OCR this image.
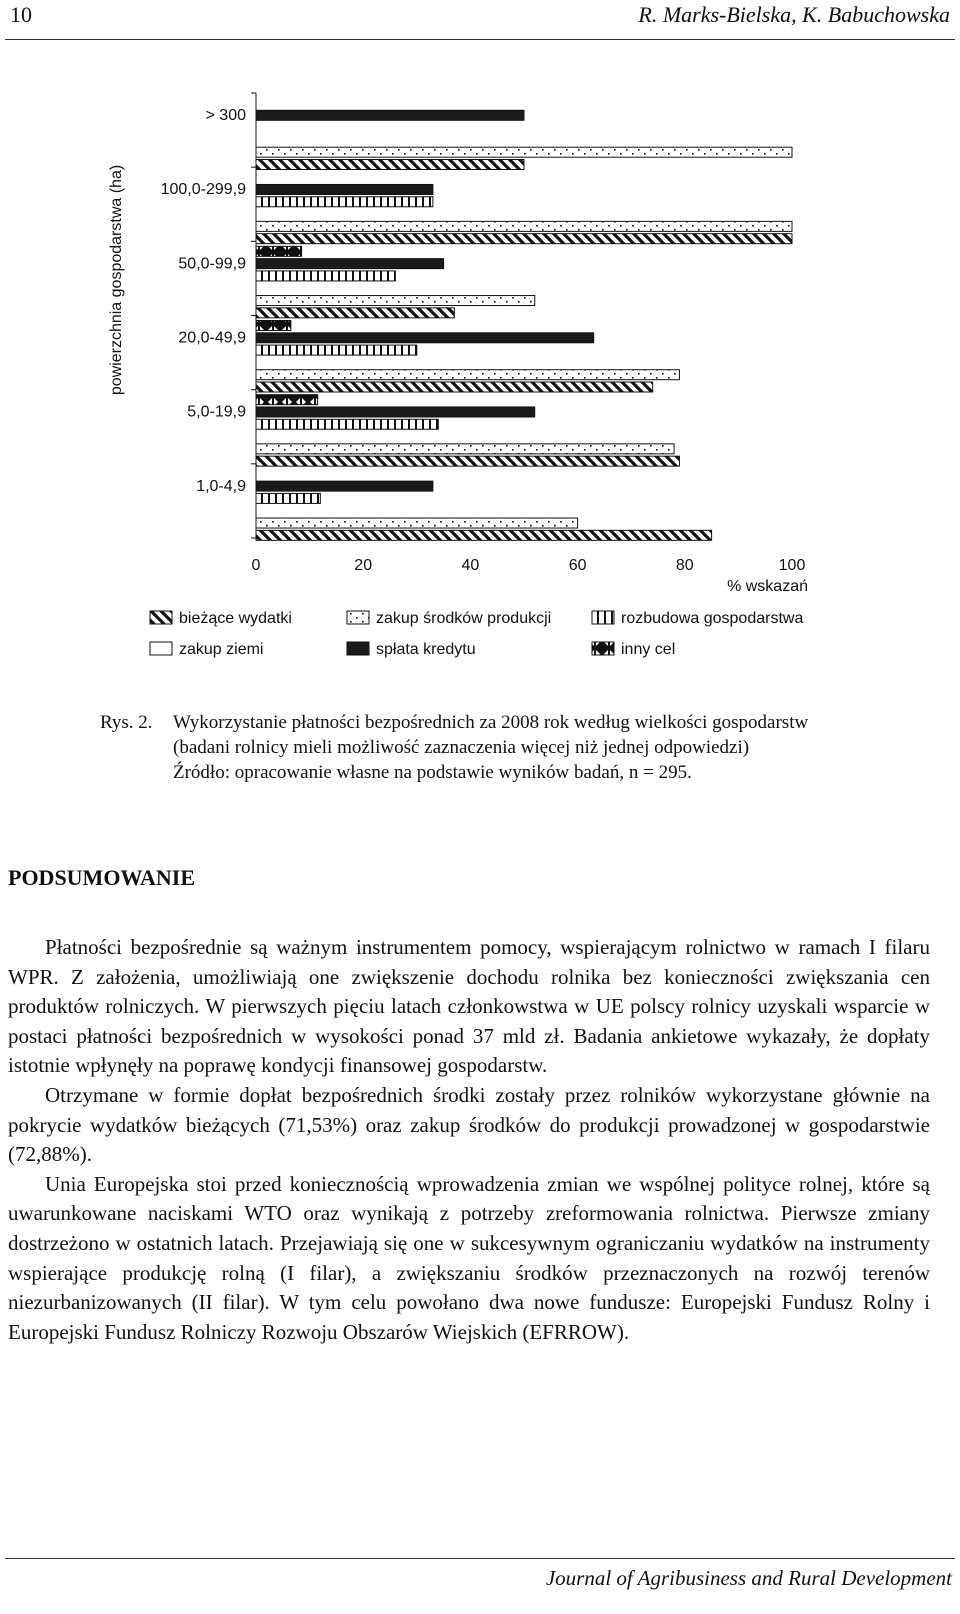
10	R. Marks-Bielska, K. Babuchowska
powierzchnia gospodarstwa (ha)
> 300
100,0-299,9
50,0-99,9
20,0-49,9
5,0-19,9
1,0-4,9
0	20	40	60	80	100
% wskazań
bieżące wydatki	zakup środków produkcji	rozbudowa gospodarstwa
zakup ziemi	spłata kredytu	inny cel
Rys. 2.	Wykorzystanie płatności bezpośrednich za 2008 rok według wielkości gospodarstw (badani rolnicy mieli możliwość zaznaczenia więcej niż jednej odpowiedzi)
Źródło: opracowanie własne na podstawie wyników badań, n = 295.
PODSUMOWANIE

Płatności bezpośrednie są ważnym instrumentem pomocy, wspierającym rolnictwo w ramach I filaru WPR. Z założenia, umożliwiają one zwiększenie dochodu rolnika bez konieczności zwiększania cen produktów rolniczych. W pierwszych pięciu latach członkowstwa w UE polscy rolnicy uzyskali wsparcie w postaci płatności bezpośrednich w wysokości ponad 37 mld zł. Badania ankietowe wykazały, że dopłaty istotnie wpłynęły na poprawę kondycji finansowej gospodarstw.

Otrzymane w formie dopłat bezpośrednich środki zostały przez rolników wykorzystane głównie na pokrycie wydatków bieżących (71,53%) oraz zakup środków do produkcji prowadzonej w gospodarstwie (72,88%).

Unia Europejska stoi przed koniecznością wprowadzenia zmian we wspólnej polityce rolnej, które są uwarunkowane naciskami WTO oraz wynikają z potrzeby zreformowania rolnictwa. Pierwsze zmiany dostrzeżono w ostatnich latach. Przejawiają się one w sukcesywnym ograniczaniu wydatków na instrumenty wspierające produkcję rolną (I filar), a zwiększaniu środków przeznaczonych na rozwój terenów niezurbanizowanych (II filar). W tym celu powołano dwa nowe fundusze: Europejski Fundusz Rolny i Europejski Fundusz Rolniczy Rozwoju Obszarów Wiejskich (EFRROW).

Journal of Agribusiness and Rural Development
